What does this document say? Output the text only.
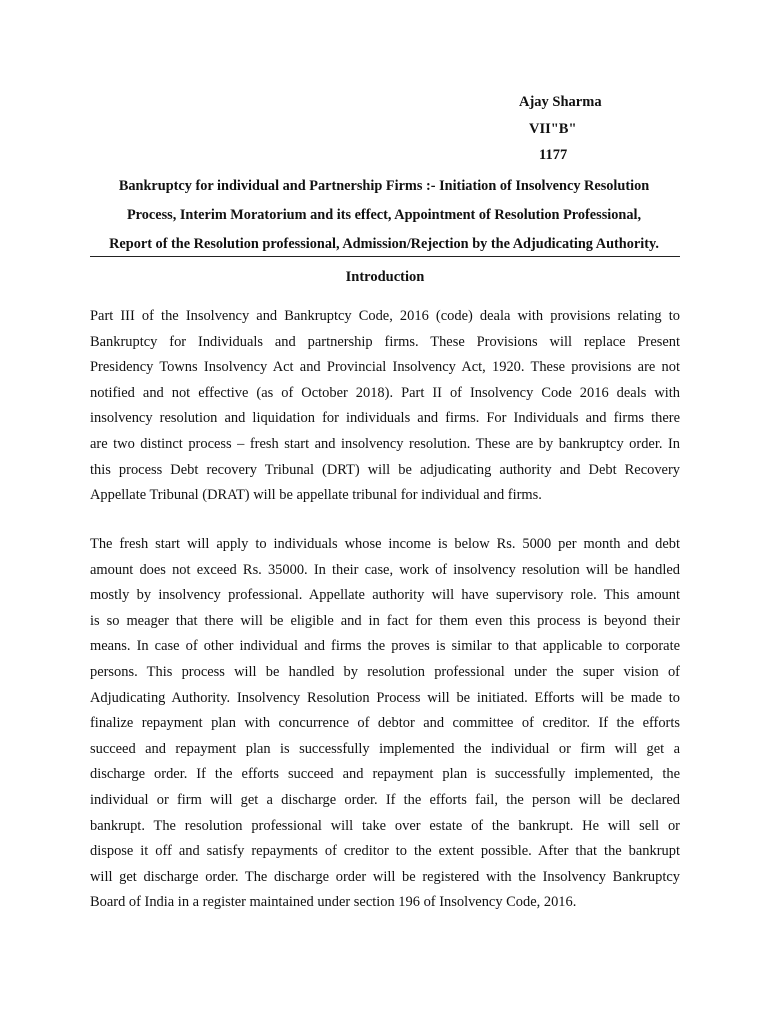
Ajay Sharma
VII"B"
1177
Bankruptcy for individual and Partnership Firms :- Initiation of Insolvency Resolution
Process, Interim Moratorium and its effect, Appointment of Resolution Professional,
Report of the Resolution professional, Admission/Rejection by the Adjudicating Authority.
Introduction

Part III of the Insolvency and Bankruptcy Code, 2016 (code) deala with provisions relating to
Bankruptcy for Individuals and partnership firms. These Provisions will replace Present
Presidency Towns Insolvency Act and Provincial Insolvency Act, 1920. These provisions are not
notified and not effective (as of October 2018). Part II of Insolvency Code 2016 deals with
insolvency resolution and liquidation for individuals and firms. For Individuals and firms there
are two distinct process – fresh start and insolvency resolution. These are by bankruptcy order. In
this process Debt recovery Tribunal (DRT) will be adjudicating authority and Debt Recovery
Appellate Tribunal (DRAT) will be appellate tribunal for individual and firms.

The fresh start will apply to individuals whose income is below Rs. 5000 per month and debt
amount does not exceed Rs. 35000. In their case, work of insolvency resolution will be handled
mostly by insolvency professional. Appellate authority will have supervisory role. This amount
is so meager that there will be eligible and in fact for them even this process is beyond their
means. In case of other individual and firms the proves is similar to that applicable to corporate
persons. This process will be handled by resolution professional under the super vision of
Adjudicating Authority. Insolvency Resolution Process will be initiated. Efforts will be made to
finalize repayment plan with concurrence of debtor and committee of creditor. If the efforts
succeed and repayment plan is successfully implemented the individual or firm will get a
discharge order. If the efforts succeed and repayment plan is successfully implemented, the
individual or firm will get a discharge order. If the efforts fail, the person will be declared
bankrupt. The resolution professional will take over estate of the bankrupt. He will sell or
dispose it off and satisfy repayments of creditor to the extent possible. After that the bankrupt
will get discharge order. The discharge order will be registered with the Insolvency Bankruptcy
Board of India in a register maintained under section 196 of Insolvency Code, 2016.
